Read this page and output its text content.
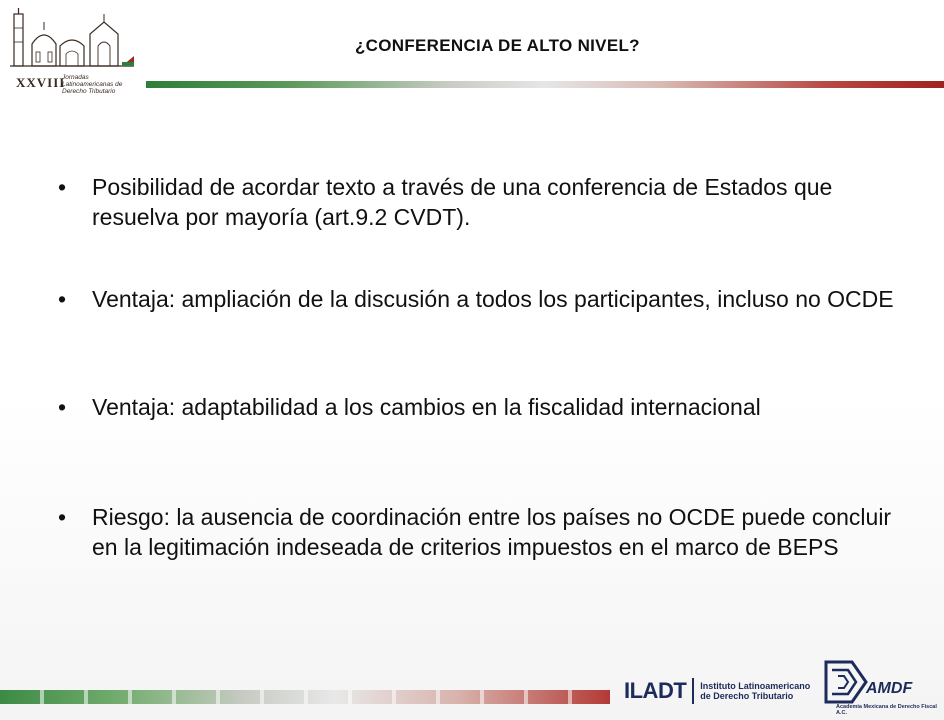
XXVIII
Jornadas Latinoamericanas de Derecho Tributario
¿CONFERENCIA DE ALTO NIVEL?
• Posibilidad de acordar texto a través de una conferencia de Estados que resuelva por mayoría (art.9.2 CVDT).
• Ventaja: ampliación de la discusión a todos los participantes, incluso no OCDE
• Ventaja: adaptabilidad a los cambios en la fiscalidad internacional
• Riesgo: la ausencia de coordinación entre los países no OCDE puede concluir en la legitimación indeseada de criterios impuestos en el marco de BEPS
ILADT Instituto Latinoamericano de Derecho Tributario	AMDF
Academia Mexicana de Derecho Fiscal A.C.
